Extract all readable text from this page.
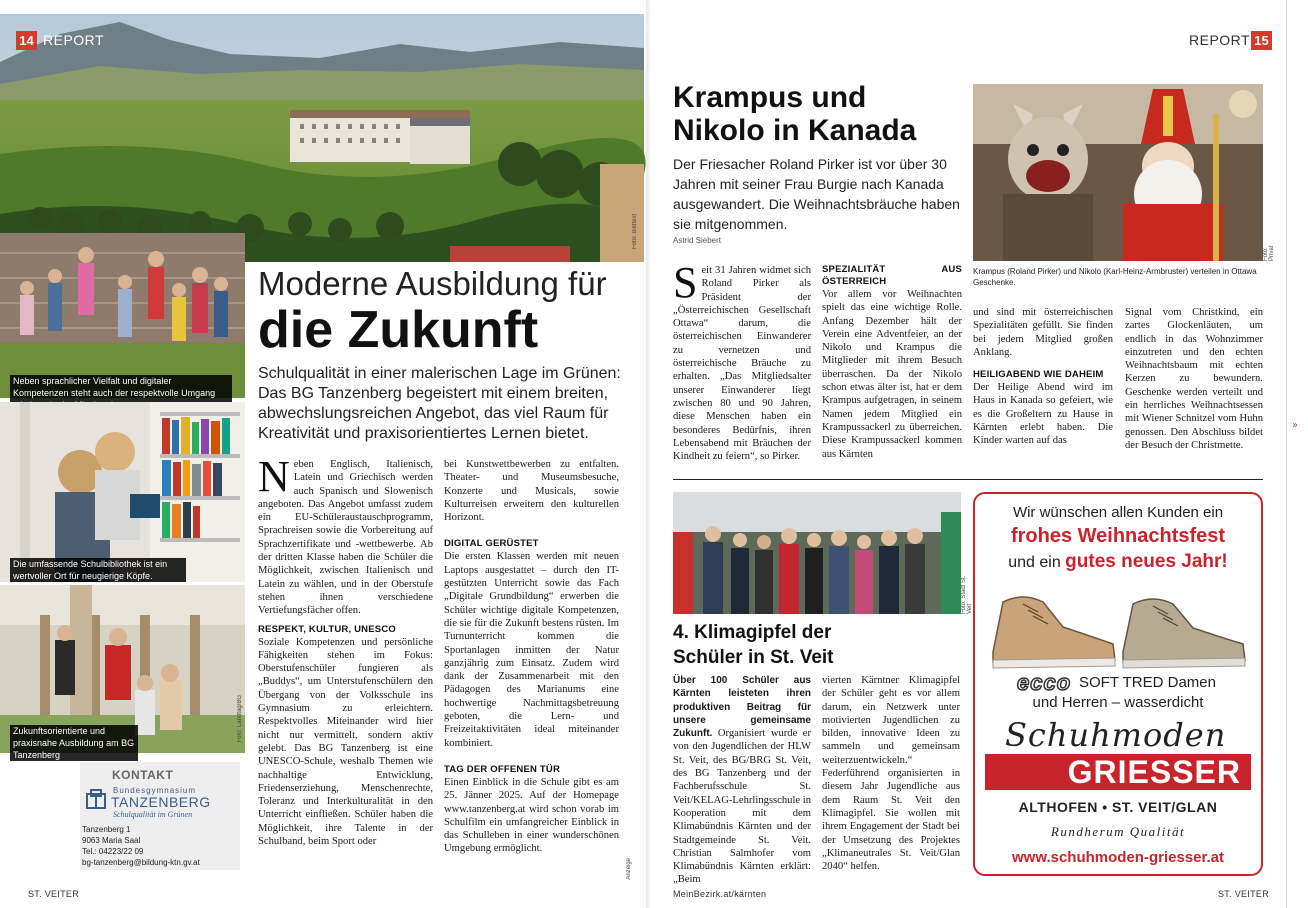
Foto: Bildtext
14 REPORT
Neben sprachlicher Vielfalt und digitaler Kompetenzen steht auch der respektvolle Umgang
Die umfassende Schulbibliothek ist ein wertvoller Ort für neugierige Köpfe.
Zukunftsorientierte und praxisnahe Ausbildung am BG Tanzenberg
Foto: Landtag/BG
Moderne Ausbildung für
die Zukunft
Schulqualität in einer malerischen Lage im Grünen: Das BG Tanzenberg begeistert mit einem breiten, abwechslungsreichen Angebot, das viel Raum für Kreativität und praxisorientiertes Lernen bietet.
N eben Englisch, Italienisch, Latein und Griechisch werden auch Spanisch und Slowenisch angeboten. Das Angebot umfasst zudem ein EU-Schüleraustauschprogramm, Sprachreisen sowie die Vorbereitung auf Sprachzertifikate und -wettbewerbe. Ab der dritten Klasse haben die Schüler die Möglichkeit, zwischen Italienisch und Latein zu wählen, und in der Oberstufe stehen ihnen verschiedene Vertiefungsfächer offen.

RESPEKT, KULTUR, UNESCO

Soziale Kompetenzen und persönliche Fähigkeiten stehen im Fokus: Oberstufenschüler fungieren als „Buddys“, um Unterstufenschülern den Übergang von der Volksschule ins Gymnasium zu erleichtern. Respektvolles Miteinander wird hier nicht nur vermittelt, sondern aktiv gelebt. Das BG Tanzenberg ist eine UNESCO-Schule, weshalb Themen wie nachhaltige Entwicklung, Friedenserziehung, Menschenrechte, Toleranz und Interkulturalität in den Unterricht einfließen. Schüler haben die Möglichkeit, ihre Talente in der Schulband, beim Sport oder

bei Kunstwettbewerben zu entfalten. Theater- und Museumsbesuche, Konzerte und Musicals, sowie Kulturreisen erweitern den kulturellen Horizont.

DIGITAL GERÜSTET

Die ersten Klassen werden mit neuen Laptops ausgestattet – durch den IT-gestützten Unterricht sowie das Fach „Digitale Grundbildung“ erwerben die Schüler wichtige digitale Kompetenzen, die sie für die Zukunft bestens rüsten. Im Turnunterricht kommen die Sportanlagen inmitten der Natur ganzjährig zum Einsatz. Zudem wird dank der Zusammenarbeit mit den Pädagogen des Marianums eine hochwertige Nachmittagsbetreuung geboten, die Lern- und Freizeitaktivitäten ideal miteinander kombiniert.

TAG DER OFFENEN TÜR

Einen Einblick in die Schule gibt es am 25. Jänner 2025. Auf der Homepage www.tanzenberg.at wird schon vorab im Schulfilm ein umfangreicher Einblick in das Schulleben in einer wunderschönen Umgebung ermöglicht.

Anzeige
KONTAKT
Bundesgymnasium
TANZENBERG
Schulqualität im Grünen
Tanzenberg 1
9063 Maria Saal
Tel.: 04223/22 09
bg-tanzenberg@bildung-ktn.gv.at
ST. VEITER
REPORT 15
Krampus und
Nikolo in Kanada
Der Friesacher Roland Pirker ist vor über 30 Jahren mit seiner Frau Burgie nach Kanada ausgewandert. Die Weihnachtsbräuche haben sie mitgenommen.
Astrid Siebert
Foto: Privat
Krampus (Roland Pirker) und Nikolo (Karl-Heinz-Armbruster) verteilen in Ottawa Geschenke.
S eit 31 Jahren widmet sich Roland Pirker als Präsident der „Österreichischen Gesellschaft Ottawa“ darum, die österreichischen Einwanderer zu vernetzen und österreichische Bräuche zu erhalten. „Das Mitgliedsalter unserer Einwanderer liegt zwischen 80 und 90 Jahren, diese Menschen haben ein besonderes Bedürfnis, ihren Lebensabend mit Bräuchen der Kindheit zu feiern“, so Pirker.

SPEZIALITÄT AUS ÖSTERREICH

Vor allem vor Weihnachten spielt das eine wichtige Rolle. Anfang Dezember hält der Verein eine Adventfeier, an der Nikolo und Krampus die Mitglieder mit ihrem Besuch überraschen. Da der Nikolo schon etwas älter ist, hat er dem Krampus aufgetragen, in seinem Namen jedem Mitglied ein Krampussackerl zu überreichen. Diese Krampussackerl kommen aus Kärnten

und sind mit österreichischen Spezialitäten gefüllt. Sie finden bei jedem Mitglied großen Anklang.

HEILIGABEND WIE DAHEIM

Der Heilige Abend wird im Haus in Kanada so gefeiert, wie es die Großeltern zu Hause in Kärnten erlebt haben. Die Kinder warten auf das

Signal vom Christkind, ein zartes Glockenläuten, um endlich in das Wohnzimmer einzutreten und den echten Weihnachtsbaum mit echten Kerzen zu bewundern. Geschenke werden verteilt und ein herrliches Weihnachtsessen mit Wiener Schnitzel vom Huhn genossen. Den Abschluss bildet der Besuch der Christmette.

Foto: Stadt St. Veit
4. Klimagipfel der
Schüler in St. Veit

Über 100 Schüler aus Kärnten leisteten ihren produktiven Beitrag für unsere gemeinsame Zukunft. Organisiert wurde er von den Jugendlichen der HLW St. Veit, des BG/BRG St. Veit, des BG Tanzenberg und der Fachberufsschule St. Veit/KELAG-Lehrlingsschule in Kooperation mit dem Klimabündnis Kärnten und der Stadtgemeinde St. Veit. Christian Salmhofer vom Klimabündnis Kärnten erklärt: „Beim

vierten Kärntner Klimagipfel der Schüler geht es vor allem darum, ein Netzwerk unter motivierten Jugendlichen zu bilden, innovative Ideen zu sammeln und gemeinsam weiterzuentwickeln.“ Federführend organisierten in diesem Jahr Jugendliche aus dem Raum St. Veit den Klimagipfel. Sie wollen mit ihrem Engagement der Stadt bei der Umsetzung des Projektes „Klimaneutrales St. Veit/Glan 2040“ helfen.

Wir wünschen allen Kunden ein
frohes Weihnachtsfest
und ein gutes neues Jahr!
ecco SOFT TRED Damen
und Herren – wasserdicht
Schuhmoden
GRIESSER
ALTHOFEN • ST. VEIT/GLAN
Rundherum Qualität
www.schuhmoden-griesser.at
MeinBezirk.at/kärnten	ST. VEITER
»
